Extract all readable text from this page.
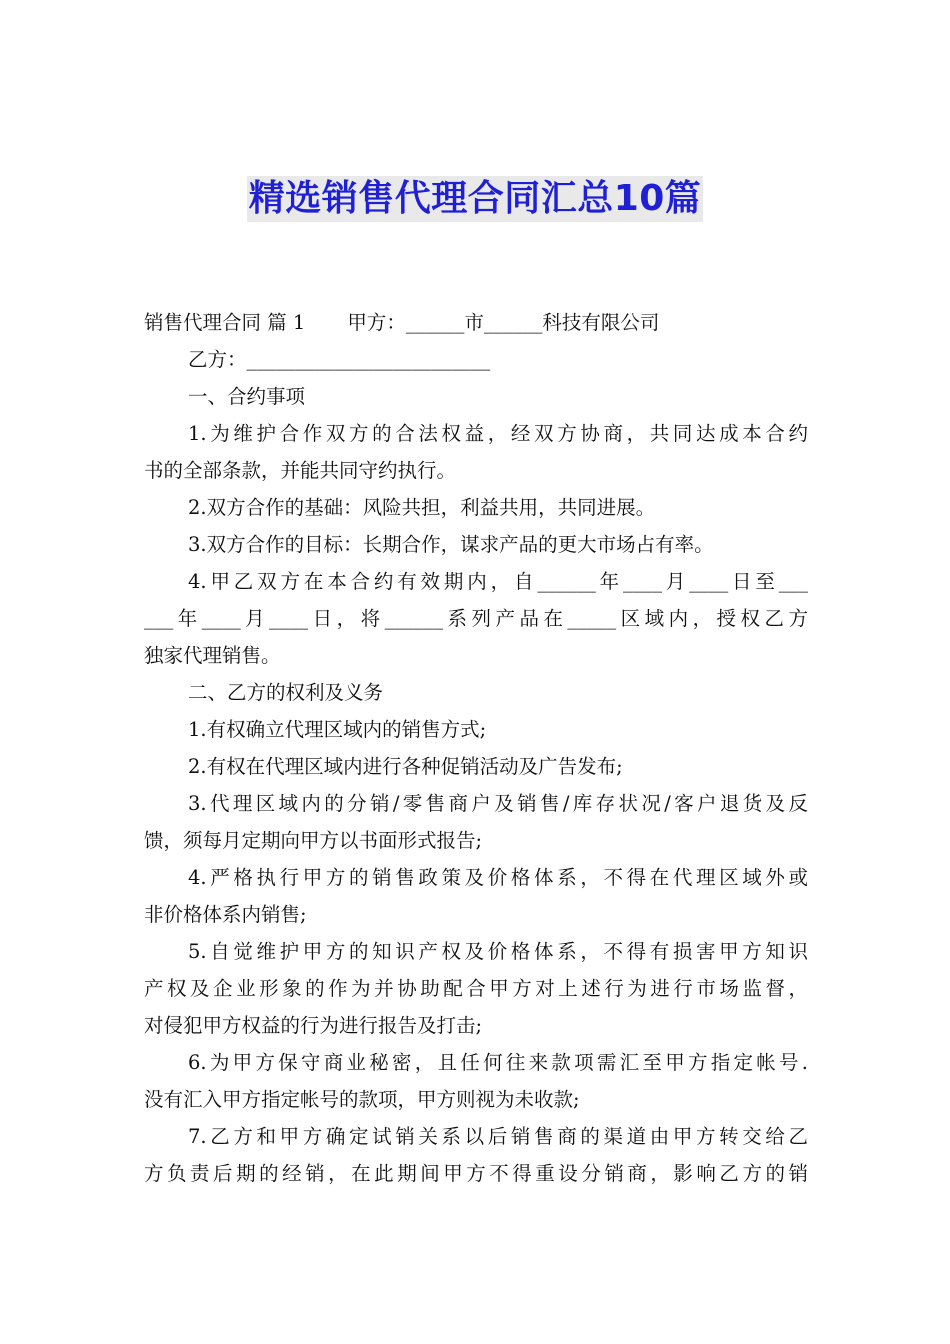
精选销售代理合同汇总10篇
销售代理合同 篇 1 甲方：______市______科技有限公司
乙方：_________________________
一、合约事项
1.为维护合作双方的合法权益，经双方协商，共同达成本合约
书的全部条款，并能共同守约执行。
2.双方合作的基础：风险共担，利益共用，共同进展。
3.双方合作的目标：长期合作，谋求产品的更大市场占有率。
4.甲乙双方在本合约有效期内，自______年____月____日至___
___年____月____日，将______系列产品在_____区域内，授权乙方
独家代理销售。
二、乙方的权利及义务
1.有权确立代理区域内的销售方式;
2.有权在代理区域内进行各种促销活动及广告发布;
3.代理区域内的分销/零售商户及销售/库存状况/客户退货及反
馈，须每月定期向甲方以书面形式报告;
4.严格执行甲方的销售政策及价格体系，不得在代理区域外或
非价格体系内销售;
5.自觉维护甲方的知识产权及价格体系，不得有损害甲方知识
产权及企业形象的作为并协助配合甲方对上述行为进行市场监督，
对侵犯甲方权益的行为进行报告及打击;
6.为甲方保守商业秘密，且任何往来款项需汇至甲方指定帐号.
没有汇入甲方指定帐号的款项，甲方则视为未收款;
7.乙方和甲方确定试销关系以后销售商的渠道由甲方转交给乙
方负责后期的经销，在此期间甲方不得重设分销商，影响乙方的销
